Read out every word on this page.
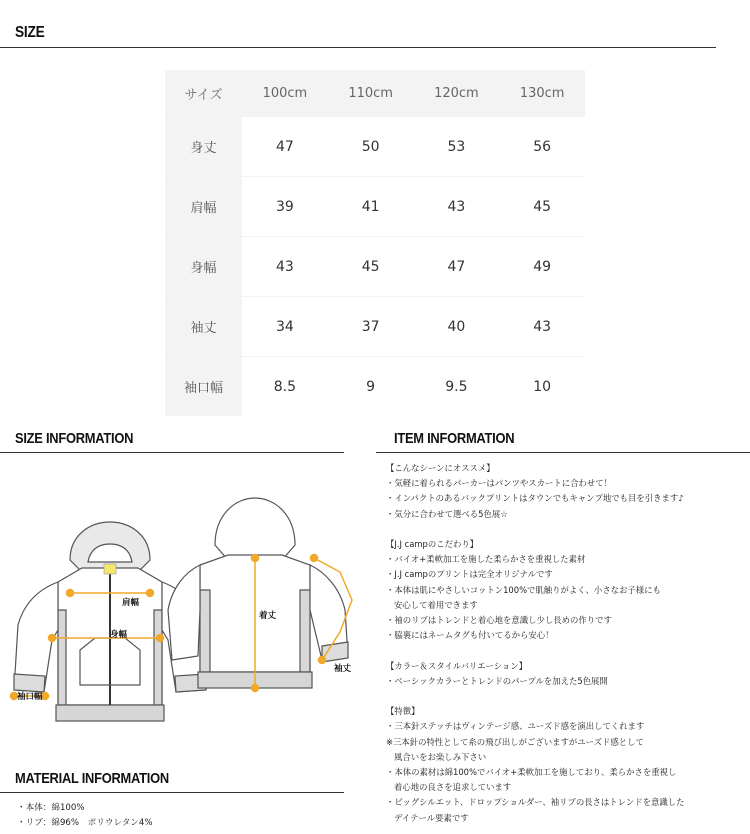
SIZE
サイズ	100cm	110cm	120cm	130cm
身丈	47	50	53	56
肩幅	39	41	43	45
身幅	43	45	47	49
袖丈	34	37	40	43
袖口幅	8.5	9	9.5	10
SIZE INFORMATION	ITEM INFORMATION
肩幅
身幅
袖口幅
着丈
袖丈
【こんなシーンにオススメ】
・気軽に着られるパーカーはパンツやスカートに合わせて！
・インパクトのあるバックプリントはタウンでもキャンプ地でも目を引きます♪
・気分に合わせて選べる5色展☆
【J.J campのこだわり】
・バイオ+柔軟加工を施した柔らかさを重視した素材
・J.J campのプリントは完全オリジナルです
・本体は肌にやさしいコットン100%で肌触りがよく、小さなお子様にも
安心して着用できます
・袖のリブはトレンドと着心地を意識し少し長めの作りです
・脇裏にはネームタグも付いてるから安心！
【カラー＆スタイルバリエーション】
・ベーシックカラーとトレンドのパープルを加えた5色展開
【特徴】
・三本針ステッチはヴィンテージ感、ユーズド感を演出してくれます
※三本針の特性として糸の飛び出しがございますがユーズド感として
風合いをお楽しみ下さい
・本体の素材は綿100%でバイオ+柔軟加工を施しており、柔らかさを重視し
着心地の良さを追求しています
・ビッグシルエット、ドロップショルダー、袖リブの長さはトレンドを意識した
デイテール要素です
MATERIAL INFORMATION
・本体：綿100%
・リブ：綿96%　ポリウレタン4%
